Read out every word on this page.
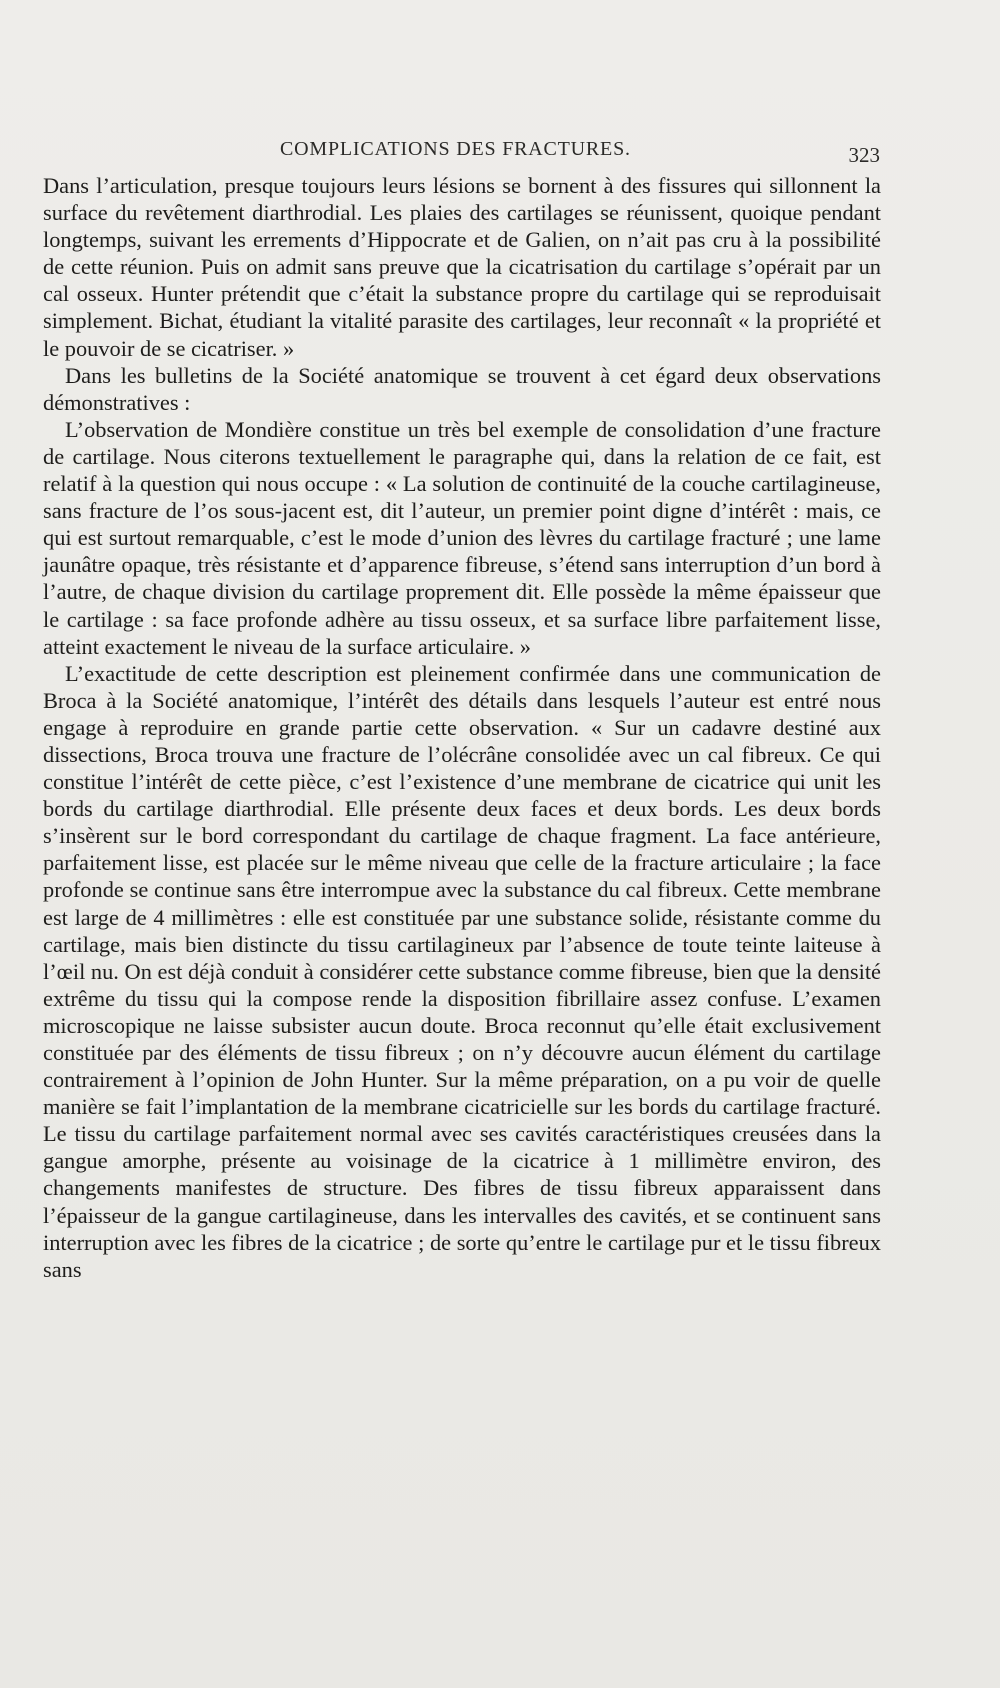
COMPLICATIONS DES FRACTURES.	323

Dans l’articulation, presque toujours leurs lésions se bornent à des fissures qui sillonnent la surface du revêtement diarthrodial. Les plaies des cartilages se réunissent, quoique pendant longtemps, suivant les errements d’Hippocrate et de Galien, on n’ait pas cru à la possibilité de cette réunion. Puis on admit sans preuve que la cicatrisation du cartilage s’opérait par un cal osseux. Hunter prétendit que c’était la substance propre du cartilage qui se reproduisait simplement. Bichat, étudiant la vitalité parasite des cartilages, leur reconnaît « la propriété et le pouvoir de se cicatriser. »

Dans les bulletins de la Société anatomique se trouvent à cet égard deux observations démonstratives :

L’observation de Mondière constitue un très bel exemple de consolidation d’une fracture de cartilage. Nous citerons textuellement le paragraphe qui, dans la relation de ce fait, est relatif à la question qui nous occupe : « La solution de continuité de la couche cartilagineuse, sans fracture de l’os sous-jacent est, dit l’auteur, un premier point digne d’intérêt : mais, ce qui est surtout remarquable, c’est le mode d’union des lèvres du cartilage fracturé ; une lame jaunâtre opaque, très résistante et d’apparence fibreuse, s’étend sans interruption d’un bord à l’autre, de chaque division du cartilage proprement dit. Elle possède la même épaisseur que le cartilage : sa face profonde adhère au tissu osseux, et sa surface libre parfaitement lisse, atteint exactement le niveau de la surface articulaire. »

L’exactitude de cette description est pleinement confirmée dans une communication de Broca à la Société anatomique, l’intérêt des détails dans lesquels l’auteur est entré nous engage à reproduire en grande partie cette observation. « Sur un cadavre destiné aux dissections, Broca trouva une fracture de l’olécrâne consolidée avec un cal fibreux. Ce qui constitue l’intérêt de cette pièce, c’est l’existence d’une membrane de cicatrice qui unit les bords du cartilage diarthrodial. Elle présente deux faces et deux bords. Les deux bords s’insèrent sur le bord correspondant du cartilage de chaque fragment. La face antérieure, parfaitement lisse, est placée sur le même niveau que celle de la fracture articulaire ; la face profonde se continue sans être interrompue avec la substance du cal fibreux. Cette membrane est large de 4 millimètres : elle est constituée par une substance solide, résistante comme du cartilage, mais bien distincte du tissu cartilagineux par l’absence de toute teinte laiteuse à l’œil nu. On est déjà conduit à considérer cette substance comme fibreuse, bien que la densité extrême du tissu qui la compose rende la disposition fibrillaire assez confuse. L’examen microscopique ne laisse subsister aucun doute. Broca reconnut qu’elle était exclusivement constituée par des éléments de tissu fibreux ; on n’y découvre aucun élément du cartilage contrairement à l’opinion de John Hunter. Sur la même préparation, on a pu voir de quelle manière se fait l’implantation de la membrane cicatricielle sur les bords du cartilage fracturé. Le tissu du cartilage parfaitement normal avec ses cavités caractéristiques creusées dans la gangue amorphe, présente au voisinage de la cicatrice à 1 millimètre environ, des changements manifestes de structure. Des fibres de tissu fibreux apparaissent dans l’épaisseur de la gangue cartilagineuse, dans les intervalles des cavités, et se continuent sans interruption avec les fibres de la cicatrice ; de sorte qu’entre le cartilage pur et le tissu fibreux sans
